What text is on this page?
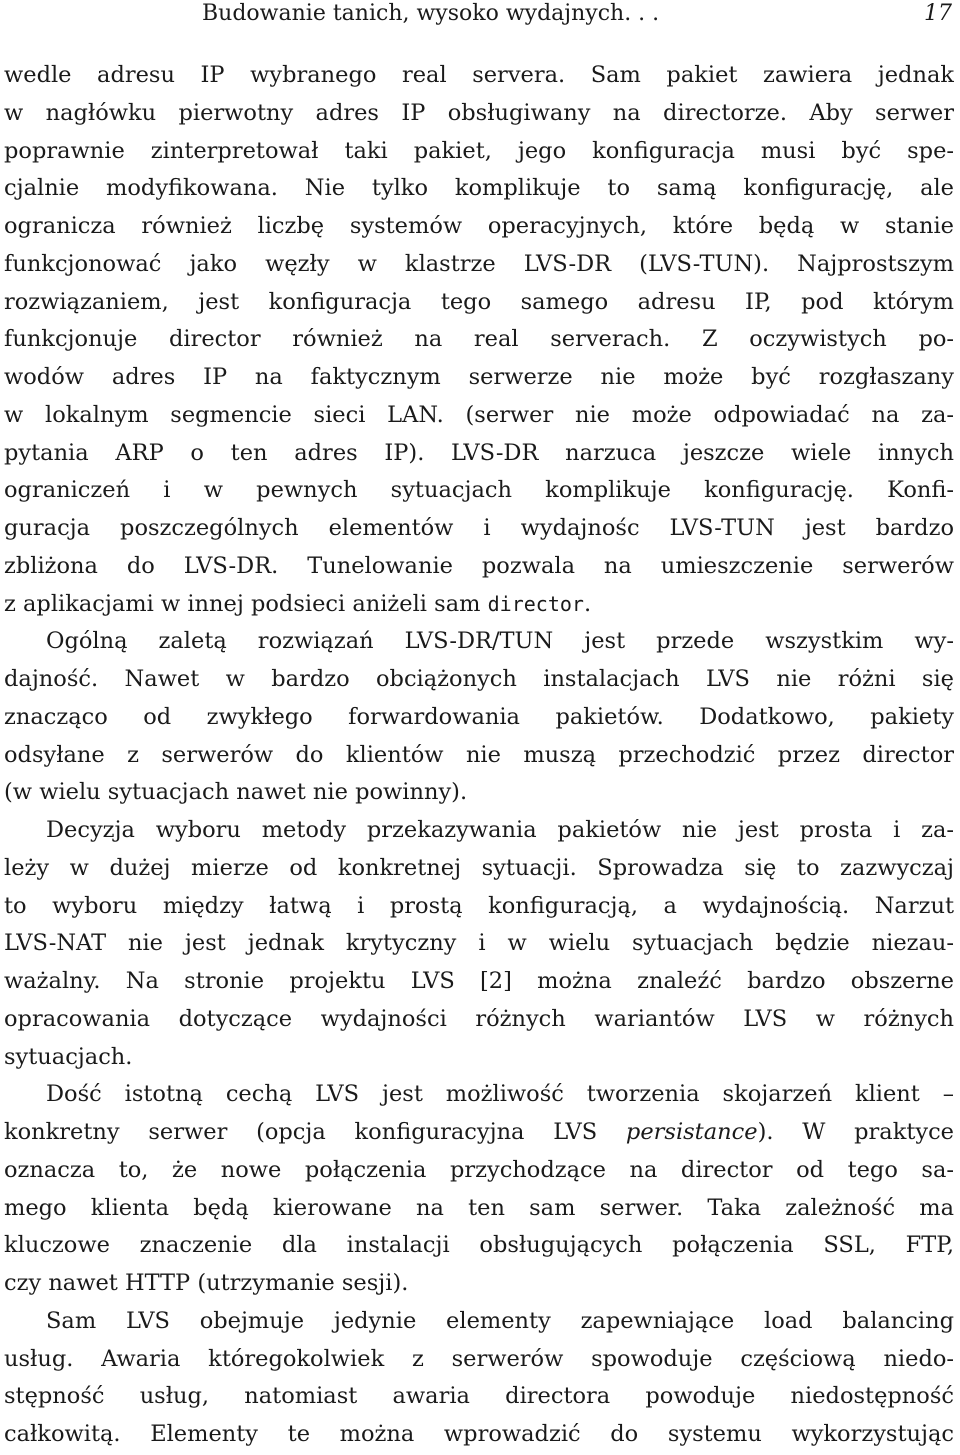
Budowanie tanich, wysoko wydajnych. . .	17
wedle adresu IP wybranego real servera. Sam pakiet zawiera jednak
w nagłówku pierwotny adres IP obsługiwany na directorze. Aby serwer
poprawnie zinterpretował taki pakiet, jego konfiguracja musi być spe-
cjalnie modyfikowana. Nie tylko komplikuje to samą konfigurację, ale
ogranicza również liczbę systemów operacyjnych, które będą w stanie
funkcjonować jako węzły w klastrze LVS-DR (LVS-TUN). Najprostszym
rozwiązaniem, jest konfiguracja tego samego adresu IP, pod którym
funkcjonuje director również na real serverach. Z oczywistych po-
wodów adres IP na faktycznym serwerze nie może być rozgłaszany
w lokalnym segmencie sieci LAN. (serwer nie może odpowiadać na za-
pytania ARP o ten adres IP). LVS-DR narzuca jeszcze wiele innych
ograniczeń i w pewnych sytuacjach komplikuje konfigurację. Konfi-
guracja poszczególnych elementów i wydajnośc LVS-TUN jest bardzo
zbliżona do LVS-DR. Tunelowanie pozwala na umieszczenie serwerów
z aplikacjami w innej podsieci aniżeli sam director.
Ogólną zaletą rozwiązań LVS-DR/TUN jest przede wszystkim wy-
dajność. Nawet w bardzo obciążonych instalacjach LVS nie różni się
znacząco od zwykłego forwardowania pakietów. Dodatkowo, pakiety
odsyłane z serwerów do klientów nie muszą przechodzić przez director
(w wielu sytuacjach nawet nie powinny).
Decyzja wyboru metody przekazywania pakietów nie jest prosta i za-
leży w dużej mierze od konkretnej sytuacji. Sprowadza się to zazwyczaj
to wyboru między łatwą i prostą konfiguracją, a wydajnością. Narzut
LVS-NAT nie jest jednak krytyczny i w wielu sytuacjach będzie niezau-
ważalny. Na stronie projektu LVS [2] można znaleźć bardzo obszerne
opracowania dotyczące wydajności różnych wariantów LVS w różnych
sytuacjach.
Dość istotną cechą LVS jest możliwość tworzenia skojarzeń klient –
konkretny serwer (opcja konfiguracyjna LVS persistance). W praktyce
oznacza to, że nowe połączenia przychodzące na director od tego sa-
mego klienta będą kierowane na ten sam serwer. Taka zależność ma
kluczowe znaczenie dla instalacji obsługujących połączenia SSL, FTP,
czy nawet HTTP (utrzymanie sesji).
Sam LVS obejmuje jedynie elementy zapewniające load balancing
usług. Awaria któregokolwiek z serwerów spowoduje częściową niedo-
stępność usług, natomiast awaria directora powoduje niedostępność
całkowitą. Elementy te można wprowadzić do systemu wykorzystując
